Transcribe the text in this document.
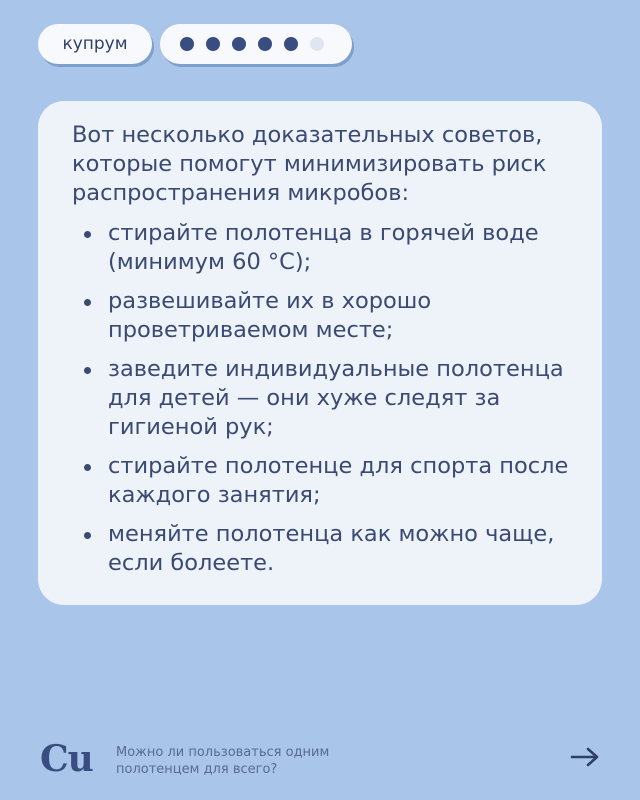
купрум

Вот несколько доказательных советов, которые помогут минимизировать риск распространения микробов:

стирайте полотенца в горячей воде (минимум 60 °С);
развешивайте их в хорошо проветриваемом месте;
заведите индивидуальные полотенца для детей — они хуже следят за гигиеной рук;
стирайте полотенце для спорта после каждого занятия;
меняйте полотенца как можно чаще, если болеете.
Cu Можно ли пользоваться одним полотенцем для всего?
